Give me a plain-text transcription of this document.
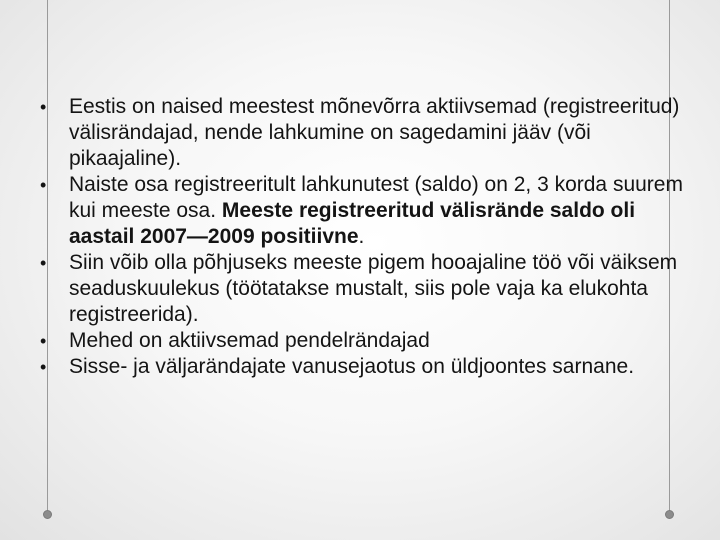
• Eestis on naised meestest mõnevõrra aktiivsemad (registreeritud) välisrändajad, nende lahkumine on sagedamini jääv (või pikaajaline).
• Naiste osa registreeritult lahkunutest (saldo) on 2, 3 korda suurem kui meeste osa. Meeste registreeritud välisrände saldo oli aastail 2007—2009 positiivne.
• Siin võib olla põhjuseks meeste pigem hooajaline töö või väiksem seaduskuulekus (töötatakse mustalt, siis pole vaja ka elukohta registreerida).
• Mehed on aktiivsemad pendelrändajad
• Sisse- ja väljarändajate vanusejaotus on üldjoontes sarnane.
